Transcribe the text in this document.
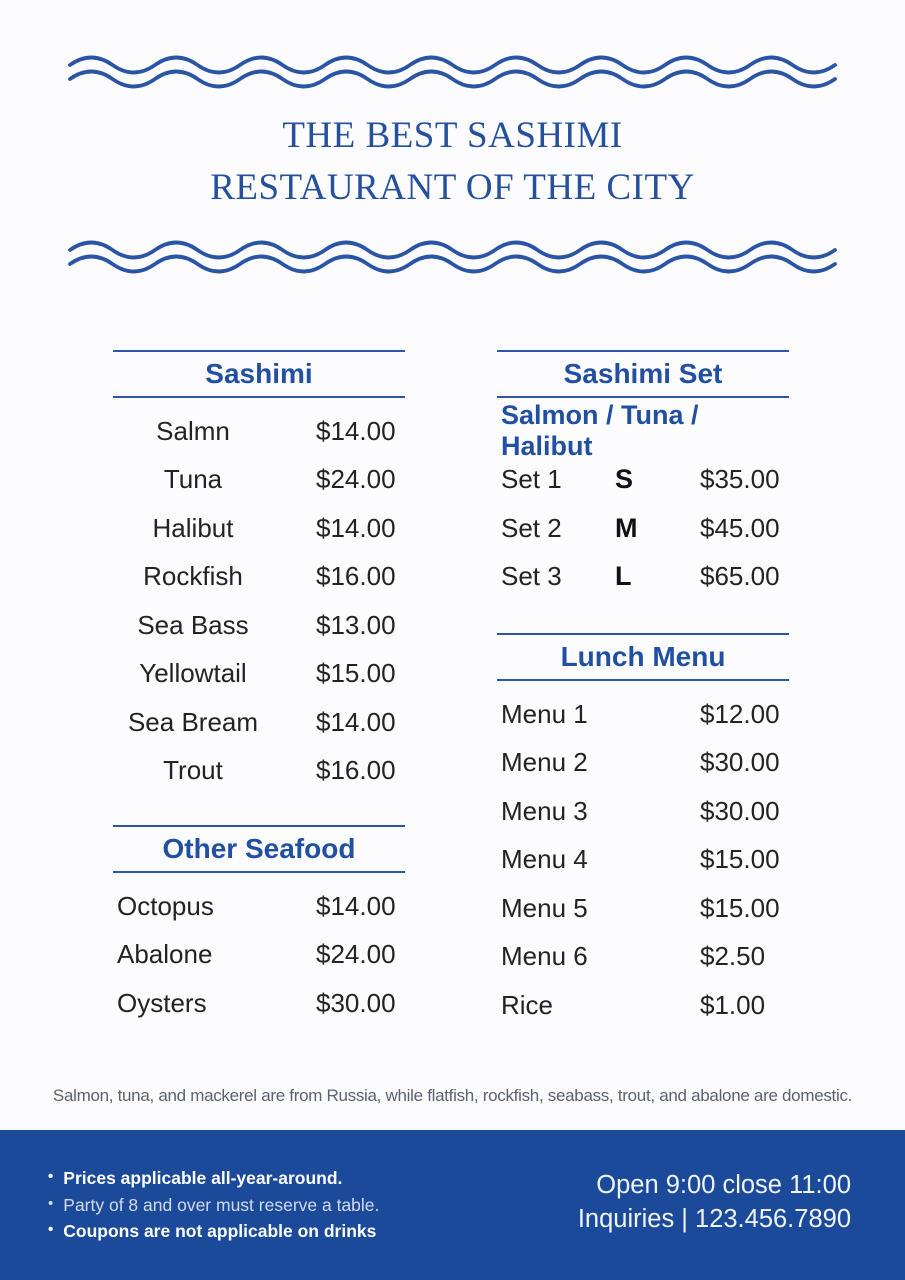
THE BEST SASHIMI
RESTAURANT OF THE CITY
Sashimi
Salmn	$14.00
Tuna	$24.00
Halibut	$14.00
Rockfish	$16.00
Sea Bass	$13.00
Yellowtail	$15.00
Sea Bream	$14.00
Trout	$16.00
Other Seafood
Octopus	$14.00
Abalone	$24.00
Oysters	$30.00
Sashimi Set
Salmon / Tuna / Halibut
Set 1 S	$35.00
Set 2 M $45.00
Set 3 L	$65.00
Lunch Menu
Menu 1	$12.00
Menu 2	$30.00
Menu 3	$30.00
Menu 4	$15.00
Menu 5	$15.00
Menu 6	$2.50
Rice	$1.00
Salmon, tuna, and mackerel are from Russia, while flatfish, rockfish, seabass, trout, and abalone are domestic.
• Prices applicable all-year-around.
• Party of 8 and over must reserve a table.
• Coupons are not applicable on drinks
Open 9:00 close 11:00
Inquiries | 123.456.7890
